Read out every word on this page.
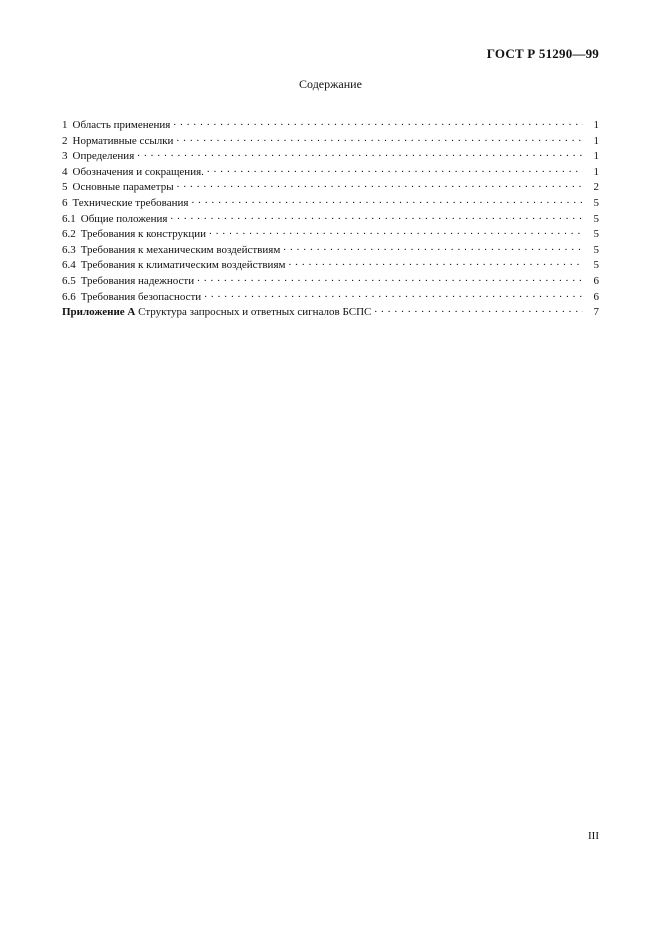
ГОСТ Р 51290—99
Содержание
1 Область применения . . .	1
2 Нормативные ссылки . . .	1
3 Определения . . .	1
4 Обозначения и сокращения. . . .	1
5 Основные параметры . . .	2
6 Технические требования . . .	5
6.1 Общие положения . . .	5
6.2 Требования к конструкции . . .	5
6.3 Требования к механическим воздействиям . . .	5
6.4 Требования к климатическим воздействиям . . .	5
6.5 Требования надежности . . .	6
6.6 Требования безопасности . . .	6
Приложение А Структура запросных и ответных сигналов БСПС . . .	7
III
